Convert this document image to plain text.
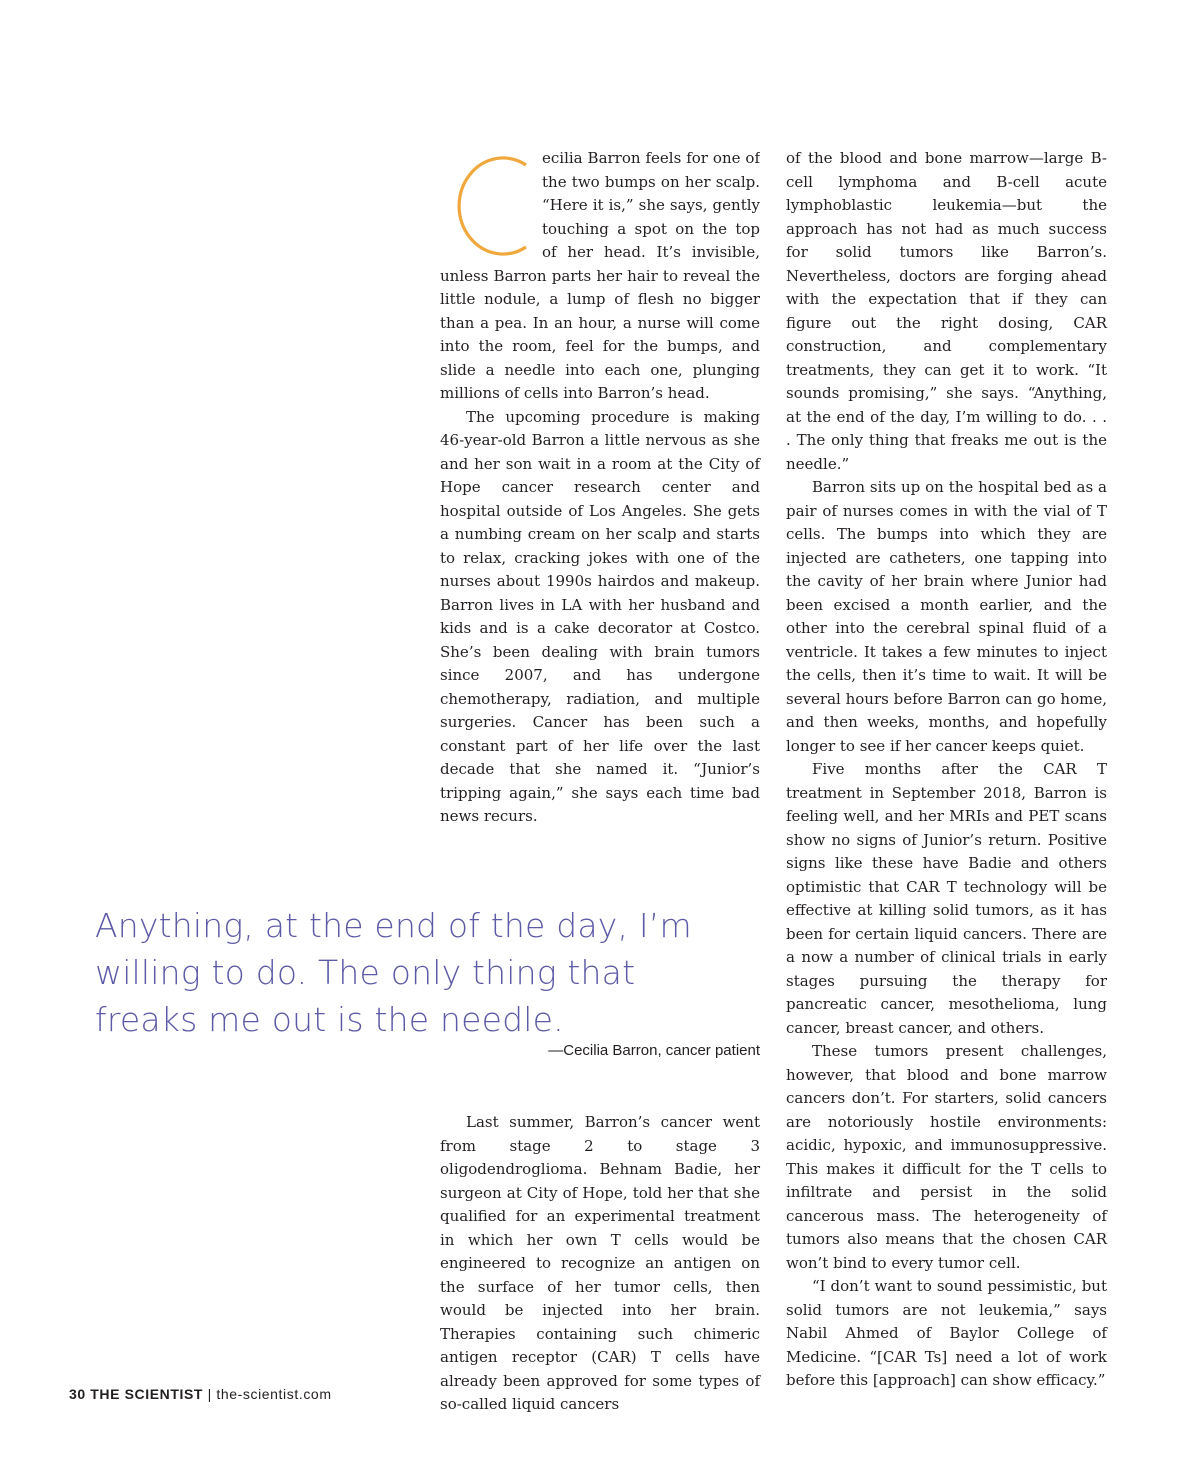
ecilia Barron feels for one of the two bumps on her scalp. “Here it is,” she says, gently touching a spot on the top of her head. It’s invisible, unless Barron parts her hair to reveal the little nodule, a lump of flesh no bigger than a pea. In an hour, a nurse will come into the room, feel for the bumps, and slide a needle into each one, plunging millions of cells into Barron’s head.

The upcoming procedure is making 46-year-old Barron a little nervous as she and her son wait in a room at the City of Hope cancer research center and hospital outside of Los Angeles. She gets a numbing cream on her scalp and starts to relax, cracking jokes with one of the nurses about 1990s hairdos and makeup. Barron lives in LA with her husband and kids and is a cake decorator at Costco. She’s been dealing with brain tumors since 2007, and has undergone chemotherapy, radiation, and multiple surgeries. Cancer has been such a constant part of her life over the last decade that she named it. “Junior’s tripping again,” she says each time bad news recurs.

Anything, at the end of the day, I’m
willing to do. The only thing that
freaks me out is the needle.
—Cecilia Barron, cancer patient

Last summer, Barron’s cancer went from stage 2 to stage 3 oligodendroglioma. Behnam Badie, her surgeon at City of Hope, told her that she qualified for an experimental treatment in which her own T cells would be engineered to recognize an antigen on the surface of her tumor cells, then would be injected into her brain. Therapies containing such chimeric antigen receptor (CAR) T cells have already been approved for some types of so-called liquid cancers

of the blood and bone marrow—large B-cell lymphoma and B-cell acute lymphoblastic leukemia—but the approach has not had as much success for solid tumors like Barron’s. Nevertheless, doctors are forging ahead with the expectation that if they can figure out the right dosing, CAR construction, and complementary treatments, they can get it to work. “It sounds promising,” she says. “Anything, at the end of the day, I’m willing to do. . . . The only thing that freaks me out is the needle.”

Barron sits up on the hospital bed as a pair of nurses comes in with the vial of T cells. The bumps into which they are injected are catheters, one tapping into the cavity of her brain where Junior had been excised a month earlier, and the other into the cerebral spinal fluid of a ventricle. It takes a few minutes to inject the cells, then it’s time to wait. It will be several hours before Barron can go home, and then weeks, months, and hopefully longer to see if her cancer keeps quiet.

Five months after the CAR T treatment in September 2018, Barron is feeling well, and her MRIs and PET scans show no signs of Junior’s return. Positive signs like these have Badie and others optimistic that CAR T technology will be effective at killing solid tumors, as it has been for certain liquid cancers. There are a now a number of clinical trials in early stages pursuing the therapy for pancreatic cancer, mesothelioma, lung cancer, breast cancer, and others.

These tumors present challenges, however, that blood and bone marrow cancers don’t. For starters, solid cancers are notoriously hostile environments: acidic, hypoxic, and immunosuppressive. This makes it difficult for the T cells to infiltrate and persist in the solid cancerous mass. The heterogeneity of tumors also means that the chosen CAR won’t bind to every tumor cell.

“I don’t want to sound pessimistic, but solid tumors are not leukemia,” says Nabil Ahmed of Baylor College of Medicine. “[CAR Ts] need a lot of work before this [approach] can show efficacy.”

30 THE SCIENTIST | the-scientist.com
